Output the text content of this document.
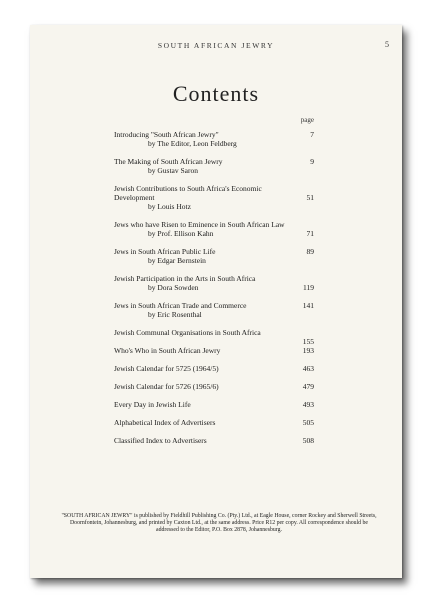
SOUTH AFRICAN JEWRY	5
Contents
page
Introducing "South African Jewry"
by The Editor, Leon Feldberg
7
The Making of South African Jewry
by Gustav Saron
9
Jewish Contributions to South Africa's Economic Development
by Louis Hotz
51
Jews who have Risen to Eminence in South African Law
by Prof. Ellison Kahn	71
Jews in South African Public Life
by Edgar Bernstein
89
Jewish Participation in the Arts in South Africa
by Dora Sowden	119
Jews in South African Trade and Commerce
by Eric Rosenthal
141
Jewish Communal Organisations in South Africa
155
Who's Who in South African Jewry	193
Jewish Calendar for 5725 (1964/5)	463
Jewish Calendar for 5726 (1965/6)	479
Every Day in Jewish Life	493
Alphabetical Index of Advertisers	505
Classified Index to Advertisers	508
"SOUTH AFRICAN JEWRY" is published by Fieldhill Publishing Co. (Pty.) Ltd., at Eagle House, corner Rockey and Sherwell Streets, Doornfontein, Johannesburg, and printed by Caxton Ltd., at the same address. Price R12 per copy. All correspondence should be addressed to the Editor, P.O. Box 2878, Johannesburg.
